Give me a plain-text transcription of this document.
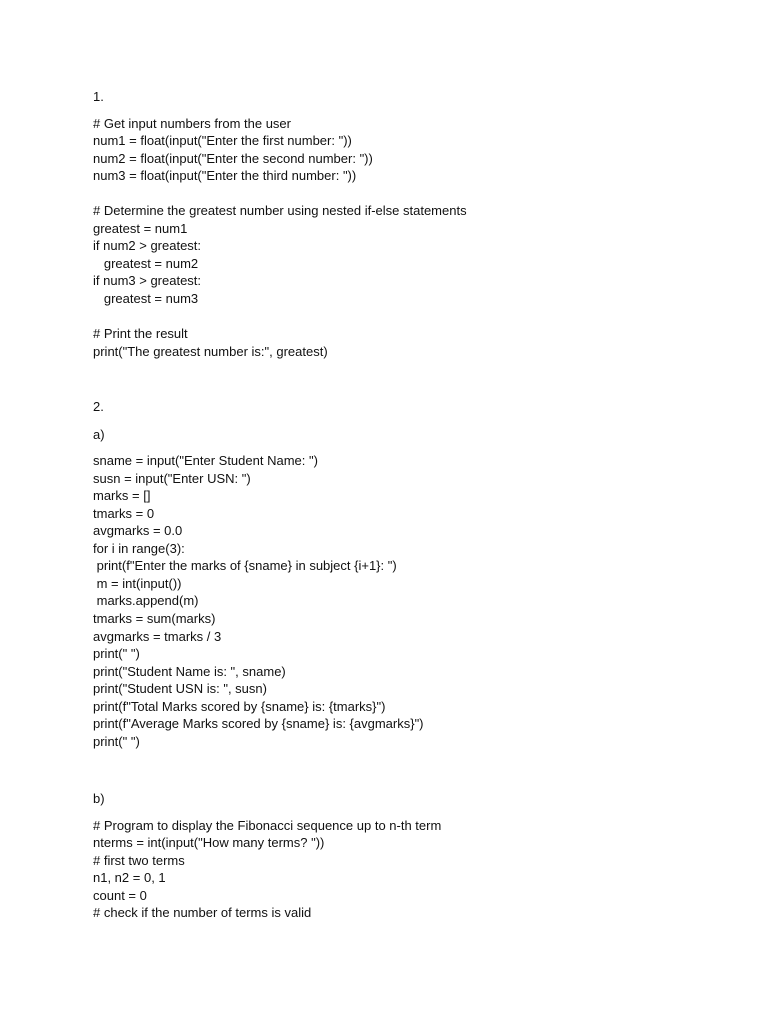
1.

# Get input numbers from the user

num1 = float(input("Enter the first number: "))

num2 = float(input("Enter the second number: "))

num3 = float(input("Enter the third number: "))

# Determine the greatest number using nested if-else statements

greatest = num1

if num2 > greatest:

greatest = num2

if num3 > greatest:

greatest = num3

# Print the result

print("The greatest number is:", greatest)

2.

a)

sname = input("Enter Student Name: ")

susn = input("Enter USN: ")

marks = []

tmarks = 0

avgmarks = 0.0

for i in range(3):

print(f"Enter the marks of {sname} in subject {i+1}: ")

m = int(input())

marks.append(m)

tmarks = sum(marks)

avgmarks = tmarks / 3

print(" ")

print("Student Name is: ", sname)

print("Student USN is: ", susn)

print(f"Total Marks scored by {sname} is: {tmarks}")

print(f"Average Marks scored by {sname} is: {avgmarks}")

print(" ")

b)

# Program to display the Fibonacci sequence up to n-th term

nterms = int(input("How many terms? "))

# first two terms

n1, n2 = 0, 1

count = 0

# check if the number of terms is valid
